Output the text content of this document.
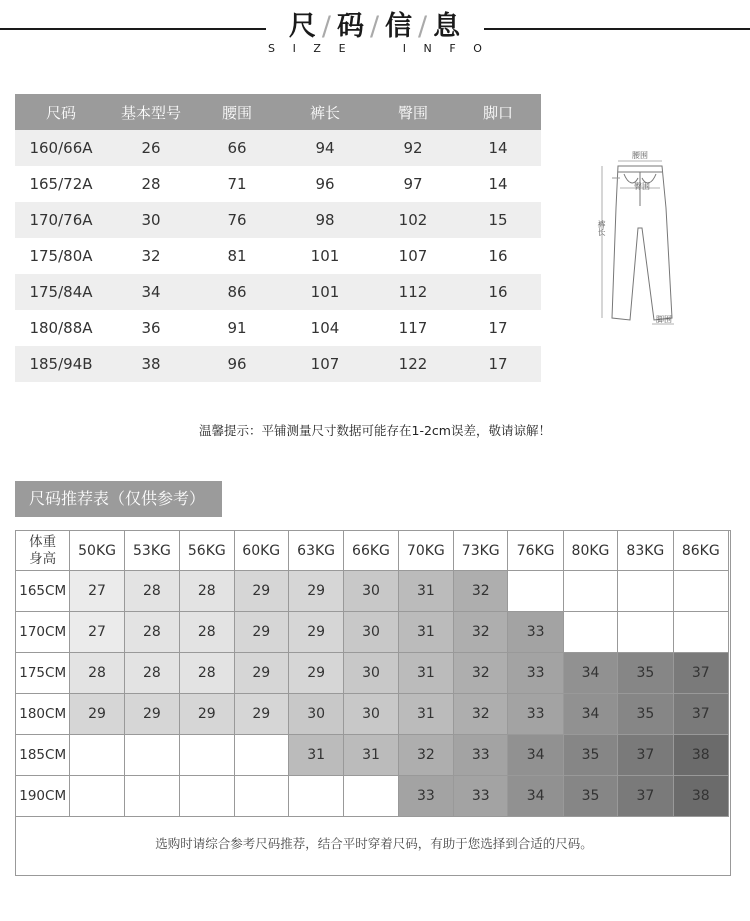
尺 / 码 / 信 / 息
S I Z E	I N F O
尺码	基本型号	腰围	裤长	臀围	脚口
160/66A	26	66	94	92	14
165/72A	28	71	96	97	14
170/76A	30	76	98	102	15
175/80A	32	81	101	107	16
175/84A	34	86	101	112	16
180/88A	36	91	104	117	17
185/94B	38	96	107	122	17
腰围
臀围
裤长
脚围
温馨提示：平铺测量尺寸数据可能存在1-2cm误差，敬请谅解！
尺码推荐表（仅供参考）
体重
身高	50KG	53KG	56KG	60KG	63KG	66KG	70KG	73KG	76KG	80KG	83KG	86KG
165CM	27	28	28	29	29	30	31	32				
170CM	27	28	28	29	29	30	31	32	33			
175CM	28	28	28	29	29	30	31	32	33	34	35	37
180CM	29	29	29	29	30	30	31	32	33	34	35	37
185CM					31	31	32	33	34	35	37	38
190CM							33	33	34	35	37	38
选购时请综合参考尺码推荐，结合平时穿着尺码，有助于您选择到合适的尺码。
